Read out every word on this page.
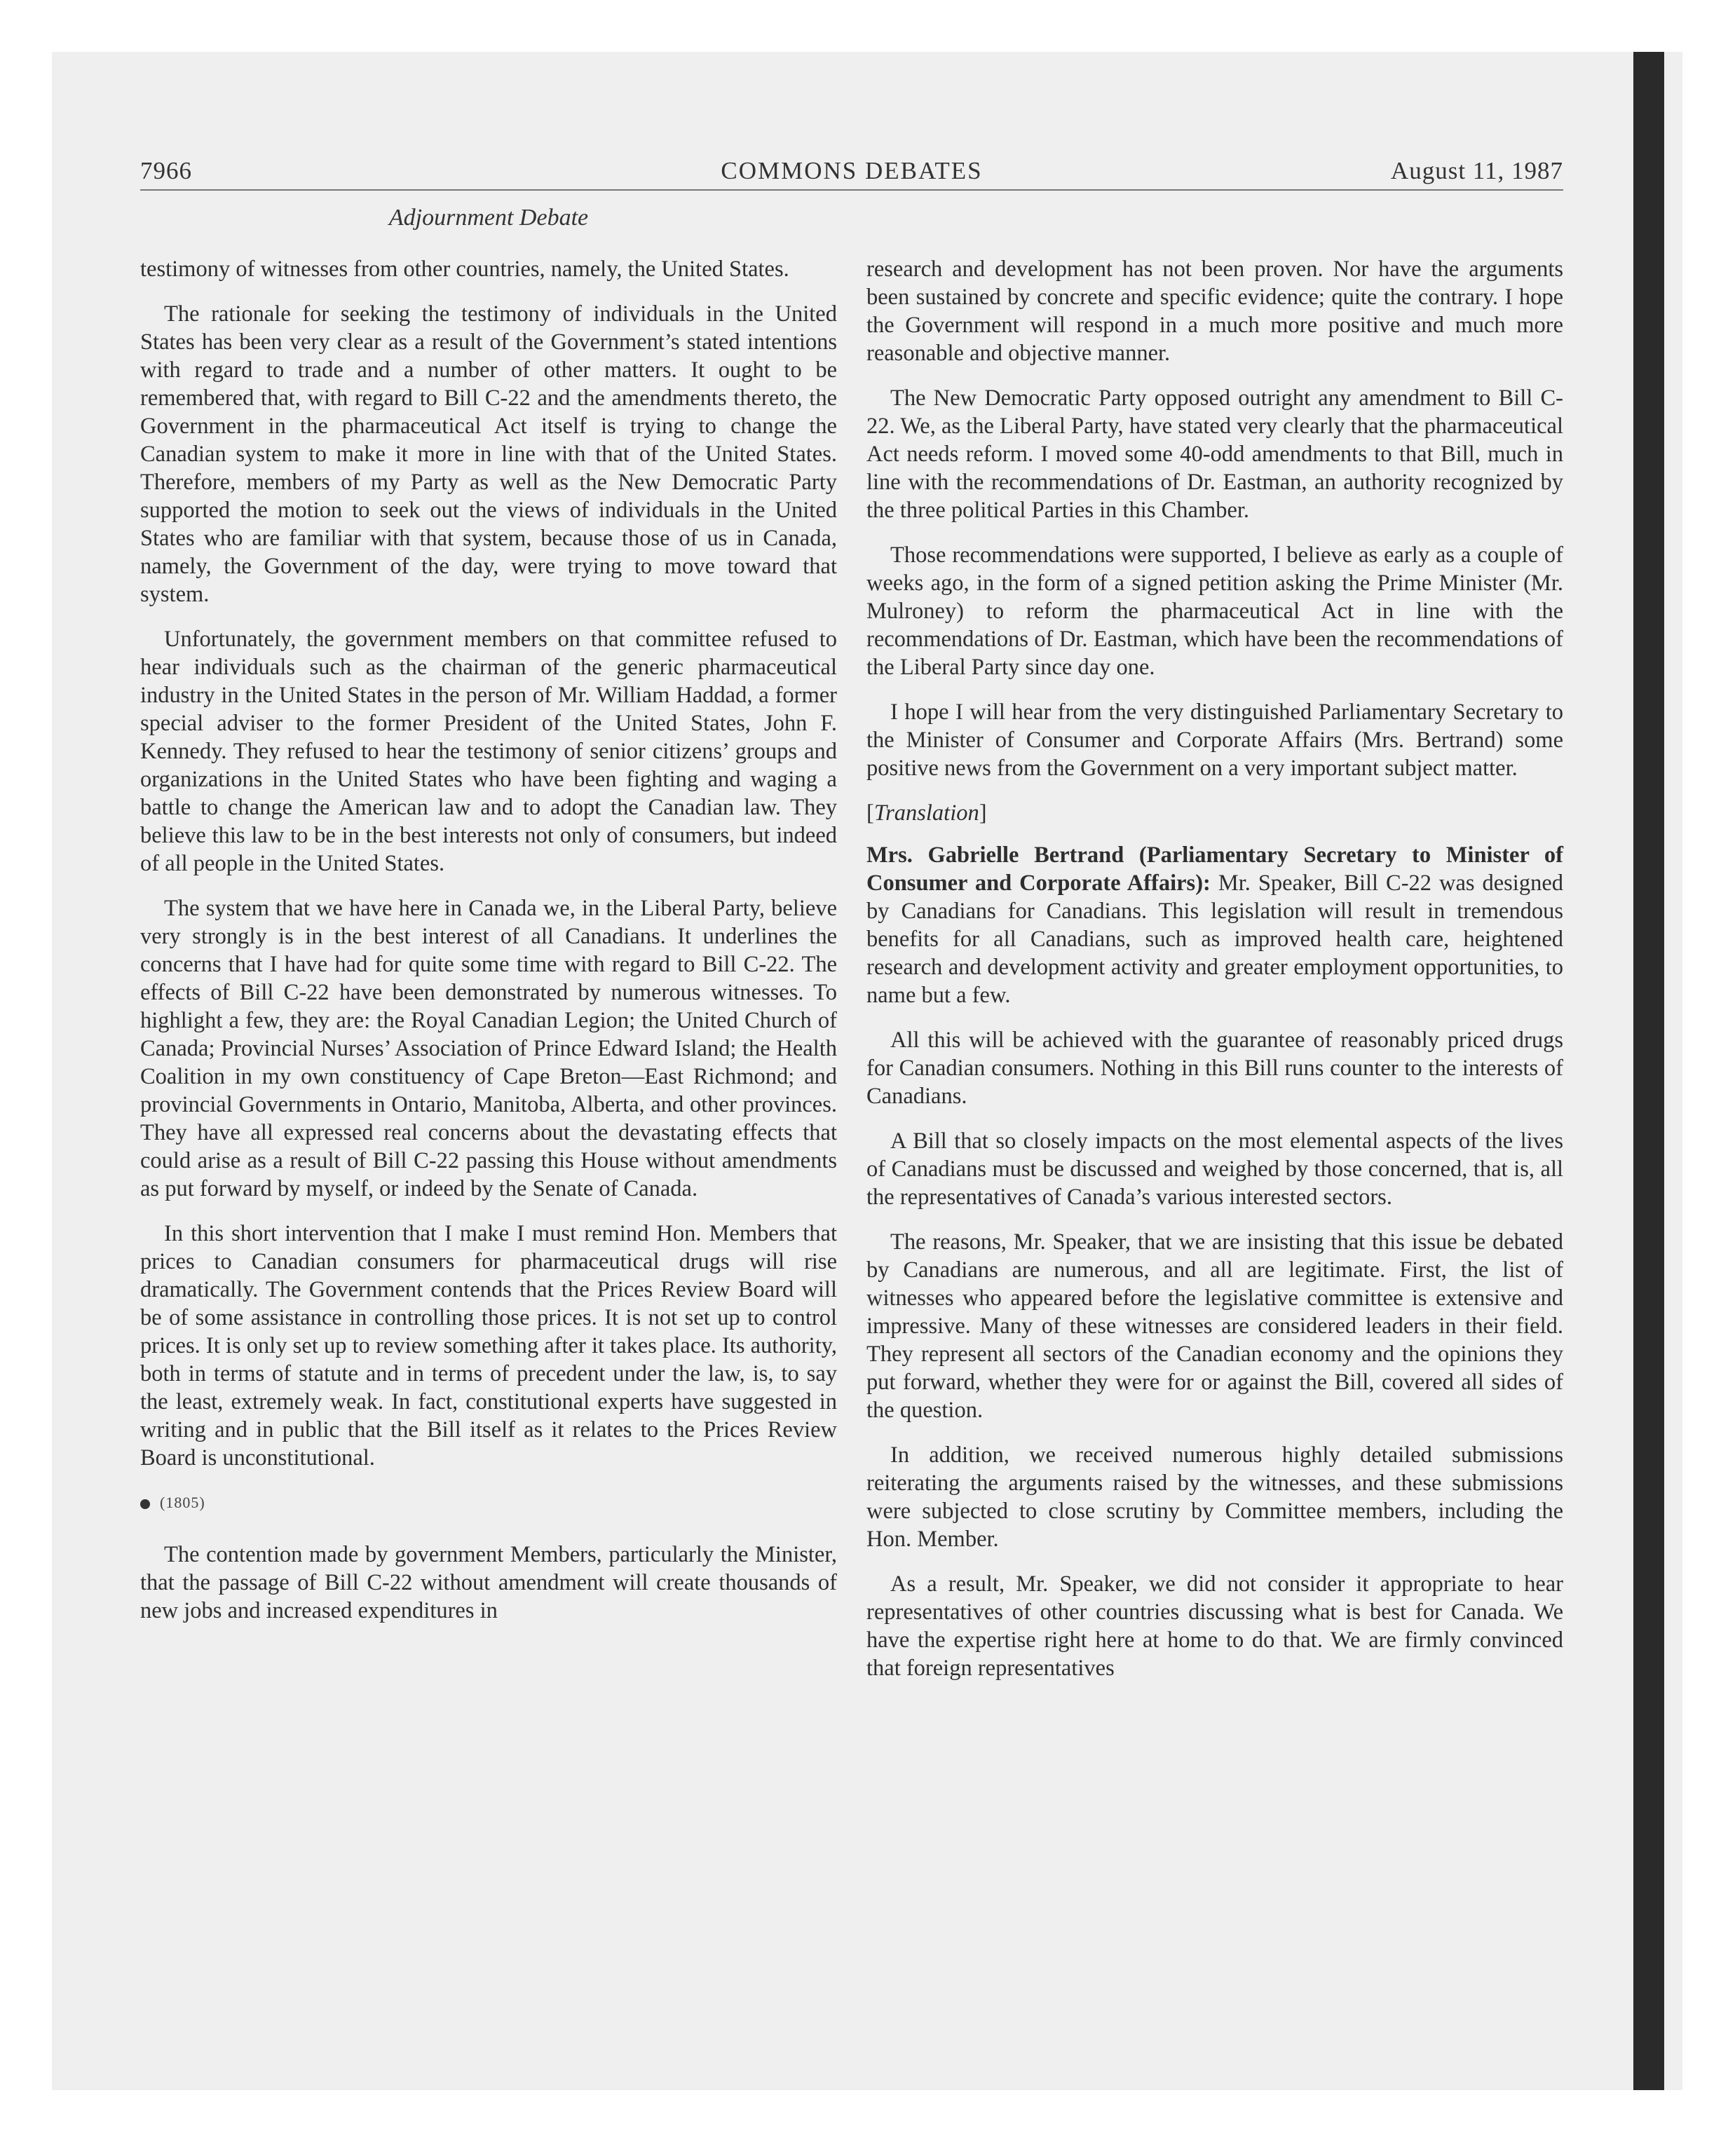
7966	COMMONS DEBATES	August 11, 1987
Adjournment Debate

testimony of witnesses from other countries, namely, the United States.

The rationale for seeking the testimony of individuals in the United States has been very clear as a result of the Government’s stated intentions with regard to trade and a number of other matters. It ought to be remembered that, with regard to Bill C-22 and the amendments thereto, the Government in the pharmaceutical Act itself is trying to change the Canadian system to make it more in line with that of the United States. Therefore, members of my Party as well as the New Democratic Party supported the motion to seek out the views of individuals in the United States who are familiar with that system, because those of us in Canada, namely, the Government of the day, were trying to move toward that system.

Unfortunately, the government members on that committee refused to hear individuals such as the chairman of the generic pharmaceutical industry in the United States in the person of Mr. William Haddad, a former special adviser to the former President of the United States, John F. Kennedy. They refused to hear the testimony of senior citizens’ groups and organizations in the United States who have been fighting and waging a battle to change the American law and to adopt the Canadian law. They believe this law to be in the best interests not only of consumers, but indeed of all people in the United States.

The system that we have here in Canada we, in the Liberal Party, believe very strongly is in the best interest of all Canadians. It underlines the concerns that I have had for quite some time with regard to Bill C-22. The effects of Bill C-22 have been demonstrated by numerous witnesses. To highlight a few, they are: the Royal Canadian Legion; the United Church of Canada; Provincial Nurses’ Association of Prince Edward Island; the Health Coalition in my own constituency of Cape Breton—East Richmond; and provincial Governments in Ontario, Manitoba, Alberta, and other provinces. They have all expressed real concerns about the devastating effects that could arise as a result of Bill C-22 passing this House without amendments as put forward by myself, or indeed by the Senate of Canada.

In this short intervention that I make I must remind Hon. Members that prices to Canadian consumers for pharmaceutical drugs will rise dramatically. The Government contends that the Prices Review Board will be of some assistance in controlling those prices. It is not set up to control prices. It is only set up to review something after it takes place. Its authority, both in terms of statute and in terms of precedent under the law, is, to say the least, extremely weak. In fact, constitutional experts have suggested in writing and in public that the Bill itself as it relates to the Prices Review Board is unconstitutional.

(1805)

The contention made by government Members, particularly the Minister, that the passage of Bill C-22 without amendment will create thousands of new jobs and increased expenditures in

research and development has not been proven. Nor have the arguments been sustained by concrete and specific evidence; quite the contrary. I hope the Government will respond in a much more positive and much more reasonable and objective manner.

The New Democratic Party opposed outright any amendment to Bill C-22. We, as the Liberal Party, have stated very clearly that the pharmaceutical Act needs reform. I moved some 40-odd amendments to that Bill, much in line with the recommendations of Dr. Eastman, an authority recognized by the three political Parties in this Chamber.

Those recommendations were supported, I believe as early as a couple of weeks ago, in the form of a signed petition asking the Prime Minister (Mr. Mulroney) to reform the pharmaceutical Act in line with the recommendations of Dr. Eastman, which have been the recommendations of the Liberal Party since day one.

I hope I will hear from the very distinguished Parliamentary Secretary to the Minister of Consumer and Corporate Affairs (Mrs. Bertrand) some positive news from the Government on a very important subject matter.

[Translation]

Mrs. Gabrielle Bertrand (Parliamentary Secretary to Minister of Consumer and Corporate Affairs): Mr. Speaker, Bill C-22 was designed by Canadians for Canadians. This legislation will result in tremendous benefits for all Canadians, such as improved health care, heightened research and development activity and greater employment opportunities, to name but a few.

All this will be achieved with the guarantee of reasonably priced drugs for Canadian consumers. Nothing in this Bill runs counter to the interests of Canadians.

A Bill that so closely impacts on the most elemental aspects of the lives of Canadians must be discussed and weighed by those concerned, that is, all the representatives of Canada’s various interested sectors.

The reasons, Mr. Speaker, that we are insisting that this issue be debated by Canadians are numerous, and all are legitimate. First, the list of witnesses who appeared before the legislative committee is extensive and impressive. Many of these witnesses are considered leaders in their field. They represent all sectors of the Canadian economy and the opinions they put forward, whether they were for or against the Bill, covered all sides of the question.

In addition, we received numerous highly detailed submissions reiterating the arguments raised by the witnesses, and these submissions were subjected to close scrutiny by Committee members, including the Hon. Member.

As a result, Mr. Speaker, we did not consider it appropriate to hear representatives of other countries discussing what is best for Canada. We have the expertise right here at home to do that. We are firmly convinced that foreign representatives
